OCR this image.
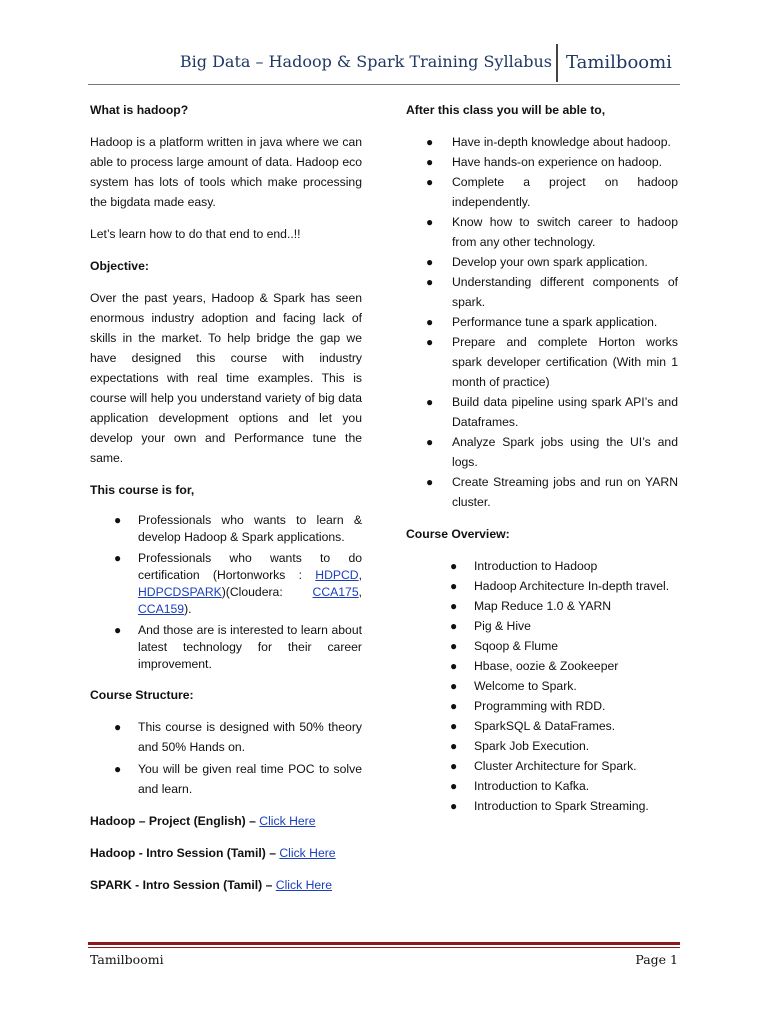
Big Data – Hadoop & Spark Training Syllabus Tamilboomi
What is hadoop?
Hadoop is a platform written in java where we can able to process large amount of data. Hadoop eco system has lots of tools which make processing the bigdata made easy.
Let’s learn how to do that end to end..!!
Objective:
Over the past years, Hadoop & Spark has seen enormous industry adoption and facing lack of skills in the market. To help bridge the gap we have designed this course with industry expectations with real time examples. This is course will help you understand variety of big data application development options and let you develop your own and Performance tune the same.
This course is for,
● Professionals who wants to learn & develop Hadoop & Spark applications.
● Professionals who wants to do certification (Hortonworks : HDPCD, HDPCDSPARK)(Cloudera: CCA175, CCA159).
● And those are is interested to learn about latest technology for their career improvement.
Course Structure:
● This course is designed with 50% theory and 50% Hands on.
● You will be given real time POC to solve and learn.
Hadoop – Project (English) – Click Here
Hadoop - Intro Session (Tamil) – Click Here
SPARK - Intro Session (Tamil) – Click Here
After this class you will be able to,
● Have in-depth knowledge about hadoop.
● Have hands-on experience on hadoop.
● Complete a project on hadoop independently.
● Know how to switch career to hadoop from any other technology.
● Develop your own spark application.
● Understanding different components of spark.
● Performance tune a spark application.
● Prepare and complete Horton works spark developer certification (With min 1 month of practice)
● Build data pipeline using spark API’s and Dataframes.
● Analyze Spark jobs using the UI’s and logs.
● Create Streaming jobs and run on YARN cluster.
Course Overview:
● Introduction to Hadoop
● Hadoop Architecture In-depth travel.
● Map Reduce 1.0 & YARN
● Pig & Hive
● Sqoop & Flume
● Hbase, oozie & Zookeeper
● Welcome to Spark.
● Programming with RDD.
● SparkSQL & DataFrames.
● Spark Job Execution.
● Cluster Architecture for Spark.
● Introduction to Kafka.
● Introduction to Spark Streaming.
Tamilboomi	Page 1
